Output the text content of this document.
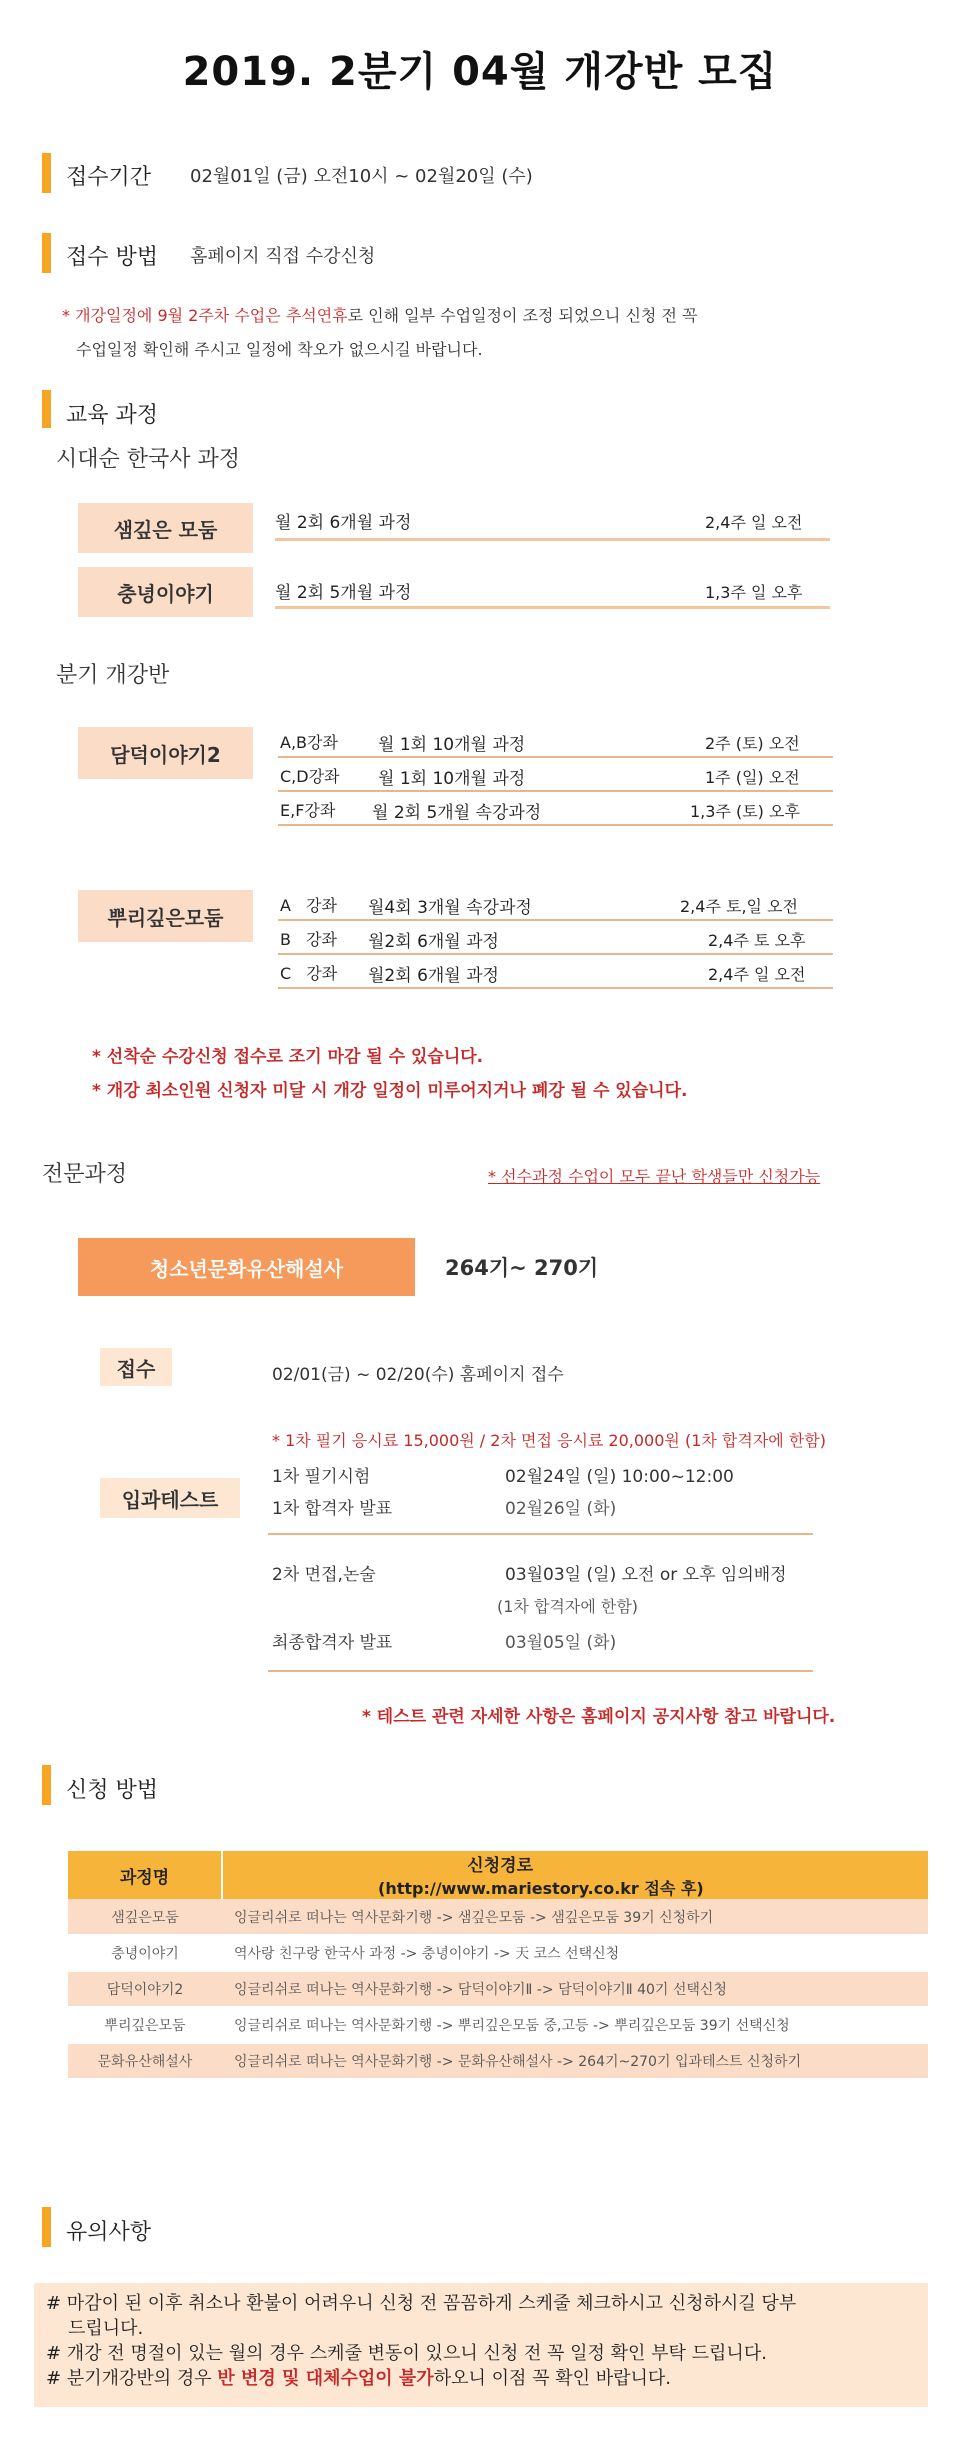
2019. 2분기 04월 개강반 모집
접수기간 02월01일 (금) 오전10시 ~ 02월20일 (수)
접수 방법 홈페이지 직접 수강신청
* 개강일정에 9월 2주차 수업은 추석연휴로 인해 일부 수업일정이 조정 되었으니 신청 전 꼭
수업일정 확인해 주시고 일정에 착오가 없으시길 바랍니다.
교육 과정
시대순 한국사 과정
샘깊은 모둠	월 2회 6개월 과정	2,4주 일 오전
충녕이야기	월 2회 5개월 과정	1,3주 일 오후
분기 개강반
담덕이야기2	A,B강좌 월 1회 10개월 과정	2주 (토) 오전
C,D강좌 월 1회 10개월 과정	1주 (일) 오전
E,F강좌 월 2회 5개월 속강과정	1,3주 (토) 오후
뿌리깊은모둠	A 강좌 월4회 3개월 속강과정	2,4주 토,일 오전
B 강좌 월2회 6개월 과정	2,4주 토 오후
C 강좌 월2회 6개월 과정	2,4주 일 오전
* 선착순 수강신청 접수로 조기 마감 될 수 있습니다.
* 개강 최소인원 신청자 미달 시 개강 일정이 미루어지거나 폐강 될 수 있습니다.
전문과정	* 선수과정 수업이 모두 끝난 학생들만 신청가능
청소년문화유산해설사	264기~ 270기
접수	02/01(금) ~ 02/20(수) 홈페이지 접수
* 1차 필기 응시료 15,000원 / 2차 면접 응시료 20,000원 (1차 합격자에 한함)
입과테스트
1차 필기시험	02월24일 (일) 10:00~12:00
1차 합격자 발표	02월26일 (화)
2차 면접,논술	03월03일 (일) 오전 or 오후 임의배정
(1차 합격자에 한함)
최종합격자 발표	03월05일 (화)
* 테스트 관련 자세한 사항은 홈페이지 공지사항 참고 바랍니다.
신청 방법
과정명	신청경로 (http://www.mariestory.co.kr 접속 후)
샘깊은모둠	잉글리쉬로 떠나는 역사문화기행 -> 샘깊은모둠 -> 샘깊은모둠 39기 신청하기
충녕이야기	역사랑 친구랑 한국사 과정 -> 충녕이야기 -> 天 코스 선택신청
담덕이야기2	잉글리쉬로 떠나는 역사문화기행 -> 담덕이야기Ⅱ -> 담덕이야기Ⅱ 40기 선택신청
뿌리깊은모둠	잉글리쉬로 떠나는 역사문화기행 -> 뿌리깊은모둠 중,고등 -> 뿌리깊은모둠 39기 선택신청
문화유산해설사	잉글리쉬로 떠나는 역사문화기행 -> 문화유산해설사 -> 264기~270기 입과테스트 신청하기
유의사항
# 마감이 된 이후 취소나 환불이 어려우니 신청 전 꼼꼼하게 스케줄 체크하시고 신청하시길 당부
드립니다.
# 개강 전 명절이 있는 월의 경우 스케줄 변동이 있으니 신청 전 꼭 일정 확인 부탁 드립니다.
# 분기개강반의 경우 반 변경 및 대체수업이 불가하오니 이점 꼭 확인 바랍니다.
